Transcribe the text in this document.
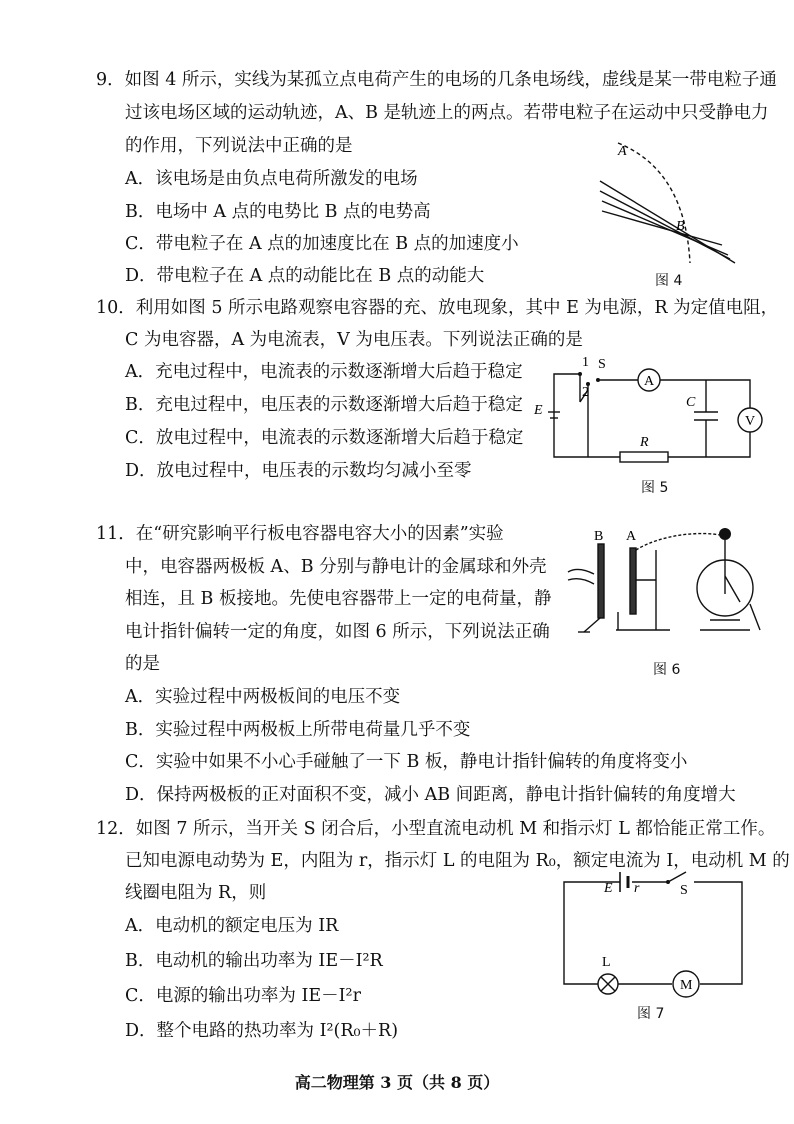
9．如图 4 所示，实线为某孤立点电荷产生的电场的几条电场线，虚线是某一带电粒子通
过该电场区域的运动轨迹，A、B 是轨迹上的两点。若带电粒子在运动中只受静电力
的作用，下列说法中正确的是
A．该电场是由负点电荷所激发的电场
B．电场中 A 点的电势比 B 点的电势高
C．带电粒子在 A 点的加速度比在 B 点的加速度小
D．带电粒子在 A 点的动能比在 B 点的动能大
A
B
图 4
10．利用如图 5 所示电路观察电容器的充、放电现象，其中 E 为电源，R 为定值电阻，
C 为电容器，A 为电流表，V 为电压表。下列说法正确的是
A．充电过程中，电流表的示数逐渐增大后趋于稳定
B．充电过程中，电压表的示数逐渐增大后趋于稳定
C．放电过程中，电流表的示数逐渐增大后趋于稳定
D．放电过程中，电压表的示数均匀减小至零
1
2
S
A
V
E
C
R
图 5
11．在“研究影响平行板电容器电容大小的因素”实验
中，电容器两极板 A、B 分别与静电计的金属球和外壳
相连，且 B 板接地。先使电容器带上一定的电荷量，静
电计指针偏转一定的角度，如图 6 所示，下列说法正确
的是
A．实验过程中两极板间的电压不变
B．实验过程中两极板上所带电荷量几乎不变
C．实验中如果不小心手碰触了一下 B 板，静电计指针偏转的角度将变小
D．保持两极板的正对面积不变，减小 AB 间距离，静电计指针偏转的角度增大
B A
图 6
12．如图 7 所示，当开关 S 闭合后，小型直流电动机 M 和指示灯 L 都恰能正常工作。
已知电源电动势为 E，内阻为 r，指示灯 L 的电阻为 R₀，额定电流为 I，电动机 M 的
线圈电阻为 R，则
A．电动机的额定电压为 IR
B．电动机的输出功率为 IE－I²R
C．电源的输出功率为 IE－I²r
D．整个电路的热功率为 I²(R₀＋R)
E r	S
L
M
图 7
高二物理第 3 页（共 8 页）
